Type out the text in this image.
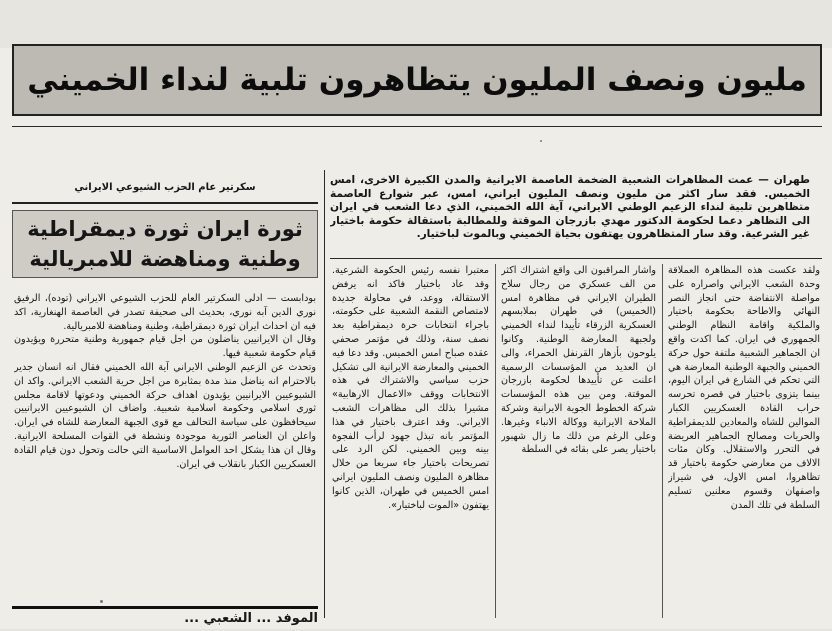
مليون ونصف المليون يتظاهرون تلبية لنداء الخميني
طهران — عمت المظاهرات الشعبية الضخمة العاصمة الايرانية والمدن الكبيرة الاخرى، امس الخميس. فقد سار اكثر من مليون ونصف المليون ايراني، امس، عبر شوارع العاصمة متظاهرين تلبية لنداء الزعيم الوطني الايراني، آية الله الخميني، الذي دعا الشعب في ايران الى التظاهر دعما لحكومة الدكتور مهدي بازرجان الموقتة وللمطالبة باستقالة حكومة باختيار غير الشرعية. وقد سار المتظاهرون يهتفون بحياة الخميني وبالموت لباختيار.
سكرتير عام الحزب الشيوعي الايراني
ثورة ايران ثورة ديمقراطية
وطنية ومناهضة للامبريالية

بودابست — ادلى السكرتير العام للحزب الشيوعي الايراني (توده)، الرفيق نوري الدين آبه نوري، بحديث الى صحيفة تصدر في العاصمة الهنغارية، اكد فيه ان احداث ايران ثورة ديمقراطية، وطنية ومناهضة للامبريالية.

وقال ان الايرانيين يناضلون من اجل قيام جمهورية وطنية متحررة ويؤيدون قيام حكومة شعبية فيها.

وتحدث عن الزعيم الوطني الايراني آية الله الخميني فقال انه انسان جدير بالاحترام انه يناضل منذ مدة بمثابرة من اجل حرية الشعب الايراني. واكد ان الشيوعيين الايرانيين يؤيدون اهداف حركة الخميني ودعوتها لاقامة مجلس ثوري اسلامي وحكومة اسلامية شعبية. واضاف ان الشيوعيين الايرانيين سيحافظون على سياسة التحالف مع قوى الجبهة المعارضة للشاه في ايران. واعلن ان العناصر الثورية موجودة ونشطة في القوات المسلحة الايرانية. وقال ان هذا يشكل احد العوامل الاساسية التي حالت وتحول دون قيام القادة العسكريين الكبار بانقلاب في ايران.

الموفد ... الشعبي ...
ولقد عكست هذه المظاهرة العملاقة وحدة الشعب الايراني واصراره على مواصلة الانتفاضة حتى انجاز النصر النهائي والاطاحة بحكومة باختيار والملكية واقامة النظام الوطني الجمهوري في ايران. كما اكدت واقع ان الجماهير الشعبية ملتفة حول حركة الخميني والجبهة الوطنية المعارضة هي التي تحكم في الشارع في ايران اليوم، بينما يتزوى باختيار في قصره تحرسه حراب القادة العسكريين الكبار الموالين للشاه والمعادين للديمقراطية والحريات ومصالح الجماهير العريضة في التحرر والاستقلال. وكان مئات الالاف من معارضي حكومة باختيار قد تظاهروا، امس الاول، في شيراز واصفهان وقسوم معلنين تسليم السلطة في تلك المدن
واشار المراقبون الى واقع اشتراك اكثر من الف عسكري من رجال سلاح الطيران الايراني في مظاهرة امس (الخميس) في طهران بملابسهم العسكرية الزرقاء تأييدا لنداء الخميني ولجبهة المعارضة الوطنية. وكانوا يلوحون بأزهار القرنفل الحمراء، والى ان العديد من المؤسسات الرسمية اعلنت عن تأييدها لحكومة بازرجان الموقتة. ومن بين هذه المؤسسات شركة الخطوط الجوية الايرانية وشركة الملاحة الايرانية ووكالة الانباء وغيرها. وعلى الرغم من ذلك ما زال شهبور باختيار يصر على بقائه في السلطة
معتبرا نفسه رئيس الحكومة الشرعية. وقد عاد باختيار فاكد انه يرفض الاستقالة، ووعد، في محاولة جديدة لامتصاص النقمة الشعبية على حكومته، باجراء انتخابات حرة ديمقراطية بعد نصف سنة، وذلك في مؤتمر صحفي عقده صباح امس الخميس. وقد دعا فيه الخميني والمعارضة الايرانية الى تشكيل حزب سياسي والاشتراك في هذه الانتخابات ووقف «الاعمال الارهابية» مشيرا بذلك الى مظاهرات الشعب الايراني. وقد اعترف باختيار في هذا المؤتمر بانه تبذل جهود لرأب الفجوة بينه وبين الخميني. لكن الرد على تصريحات باختيار جاء سريعا من خلال مظاهرة المليون ونصف المليون ايراني امس الخميس في طهران، الذين كانوا يهتفون «الموت لباختيار».
